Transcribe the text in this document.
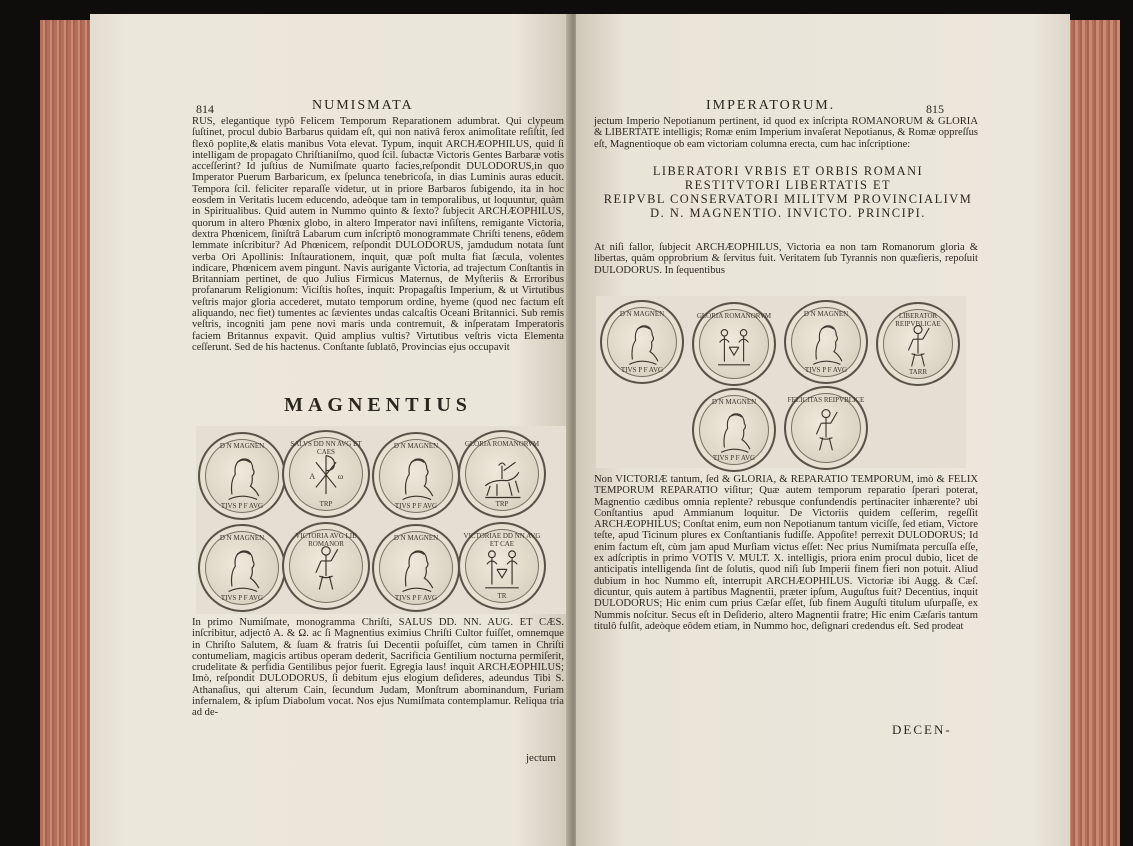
814	NUMISMATA

RUS, elegantique typô Felicem Temporum Reparationem adumbrat. Qui clypeum ſuſtinet, procul dubio Barbarus quidam eſt, qui non nativâ ferox animoſitate reſiſtit, ſed flexô poplite,& elatis manibus Vota elevat. Typum, inquit ARCHÆOPHILUS, quid ſi intelligam de propagato Chriſtianiſmo, quod ſcil. ſubactæ Victoris Gentes Barbaræ votis acceſſerint? Id juſtius de Numiſmate quarto facies,reſpondit DULODORUS,in quo Imperator Puerum Barbaricum, ex ſpelunca tenebricoſa, in dias Luminis auras educit. Tempora ſcil. feliciter reparaſſe videtur, ut in priore Barbaros ſubigendo, ita in hoc eosdem in Veritatis lucem educendo, adeòque tam in temporalibus, ut loquuntur, quàm in Spiritualibus. Quid autem in Nummo quinto & ſexto? ſubjecit ARCHÆOPHILUS, quorum in altero Phœnix globo, in altero Imperator navi inſiſtens, remigante Victoria, dextra Phœnicem, ſiniſtrâ Labarum cum inſcriptô monogrammate Chriſti tenens, eôdem lemmate inſcribitur? Ad Phœnicem, reſpondit DULODORUS, jamdudum notata ſunt verba Ori Apollinis: Inſtaurationem, inquit, quæ poſt multa fiat ſæcula, volentes indicare, Phœnicem avem pingunt. Navis aurigante Victoria, ad trajectum Conſtantis in Britanniam pertinet, de quo Julius Firmicus Maternus, de Myſteriis & Erroribus profanarum Religionum: Viciſtis hoſtes, inquit: Propagaſtis Imperium, & ut Virtutibus veſtris major gloria accederet, mutato temporum ordine, hyeme (quod nec factum eſt aliquando, nec fiet) tumentes ac ſævientes undas calcaſtis Oceani Britannici. Sub remis veſtris, incogniti jam pene novi maris unda contremuit, & inſperatam Imperatoris faciem Britannus expavit. Quid amplius vultis? Virtutibus veſtris victa Elementa ceſſerunt. Sed de his hactenus. Conſtante ſublatô, Provincias ejus occupavit

MAGNENTIUS
D N MAGNEN
TIVS P F AVG
A ω
SALVS DD NN AVG ET CAES
TRP
D N MAGNEN
TIVS P F AVG
GLORIA ROMANORVM
TRP
D N MAGNEN
TIVS P F AVG
VICTORIA AVG LIB ROMANOR
D N MAGNEN
TIVS P F AVG
VICTORIAE DD NN AVG ET CAE
TR

In primo Numiſmate, monogramma Chriſti, SALUS DD. NN. AUG. ET CÆS. inſcribitur, adjectô A. & Ω. ac ſi Magnentius eximius Chriſti Cultor fuiſſet, omnemque in Chriſto Salutem, & ſuam & fratris ſui Decentii poſuiſſet, cùm tamen in Chriſti contumeliam, magicis artibus operam dederit, Sacrificia Gentilium nocturna permiſerit, crudelitate & perfidia Gentilibus pejor fuerit. Egregia laus! inquit ARCHÆOPHILUS; Imò, reſpondit DULODORUS, ſi debitum ejus elogium deſideres, adeundus Tibi S. Athanaſius, qui alterum Cain, ſecundum Judam, Monſtrum abominandum, Furiam infernalem, & ipſum Diabolum vocat. Nos ejus Numiſmata contemplamur. Reliqua tria ad de-

jectum
IMPERATORUM.	815

jectum Imperio Nepotianum pertinent, id quod ex inſcripta ROMANORUM & GLORIA & LIBERTATE intelligis; Romæ enim Imperium invaſerat Nepotianus, & Romæ oppreſſus eſt, Magnentioque ob eam victoriam columna erecta, cum hac inſcriptione:

LIBERATORI VRBIS ET ORBIS ROMANI
RESTITVTORI LIBERTATIS ET
REIPVBL CONSERVATORI MILITVM PROVINCIALIVM
D. N. MAGNENTIO. INVICTO. PRINCIPI.

At niſi fallor, ſubjecit ARCHÆOPHILUS, Victoria ea non tam Romanorum gloria & libertas, quàm opprobrium & ſervitus fuit. Veritatem ſub Tyrannis non quæſieris, repoſuit DULODORUS. In ſequentibus

D N MAGNEN
TIVS P F AVG
GLORIA ROMANORVM	D N MAGNEN
TIVS P F AVG
LIBERATOR REIPVBLICAE
TARR
D N MAGNEN
TIVS P F AVG
FELICITAS REIPVBLICE

Non VICTORIÆ tantum, ſed & GLORIA, & REPARATIO TEMPORUM, imò & FELIX TEMPORUM REPARATIO viſitur; Quæ autem temporum reparatio ſperari poterat, Magnentio cædibus omnia replente? rebusque confundendis pertinaciter inhærente? ubi Conſtantius apud Ammianum loquitur. De Victoriis quidem ceſſerim, regeſſit ARCHÆOPHILUS; Conſtat enim, eum non Nepotianum tantum viciſſe, ſed etiam, Victore teſte, apud Ticinum plures ex Conſtantianis fudiſſe. Appoſite! perrexit DULODORUS; Id enim factum eſt, cùm jam apud Murſiam victus eſſet: Nec prius Numiſmata percuſſa eſſe, ex adſcriptis in primo VOTIS V. MULT. X. intelligis, priora enim procul dubio, licet de anticipatis intelligenda ſint de ſolutis, quod niſi ſub Imperii finem fieri non potuit. Aliud dubium in hoc Nummo eſt, interrupit ARCHÆOPHILUS. Victoriæ ibi Augg. & Cæſ. dicuntur, quis autem à partibus Magnentii, præter ipſum, Auguſtus fuit? Decentius, inquit DULODORUS; Hic enim cum prius Cæſar eſſet, ſub finem Auguſti titulum uſurpaſſe, ex Nummis noſcitur. Secus eſt in Deſiderio, altero Magnentii fratre; Hic enim Cæſaris tantum titulô fulſit, adeòque eôdem etiam, in Nummo hoc, deſignari credendus eſt. Sed prodeat

DECEN-
